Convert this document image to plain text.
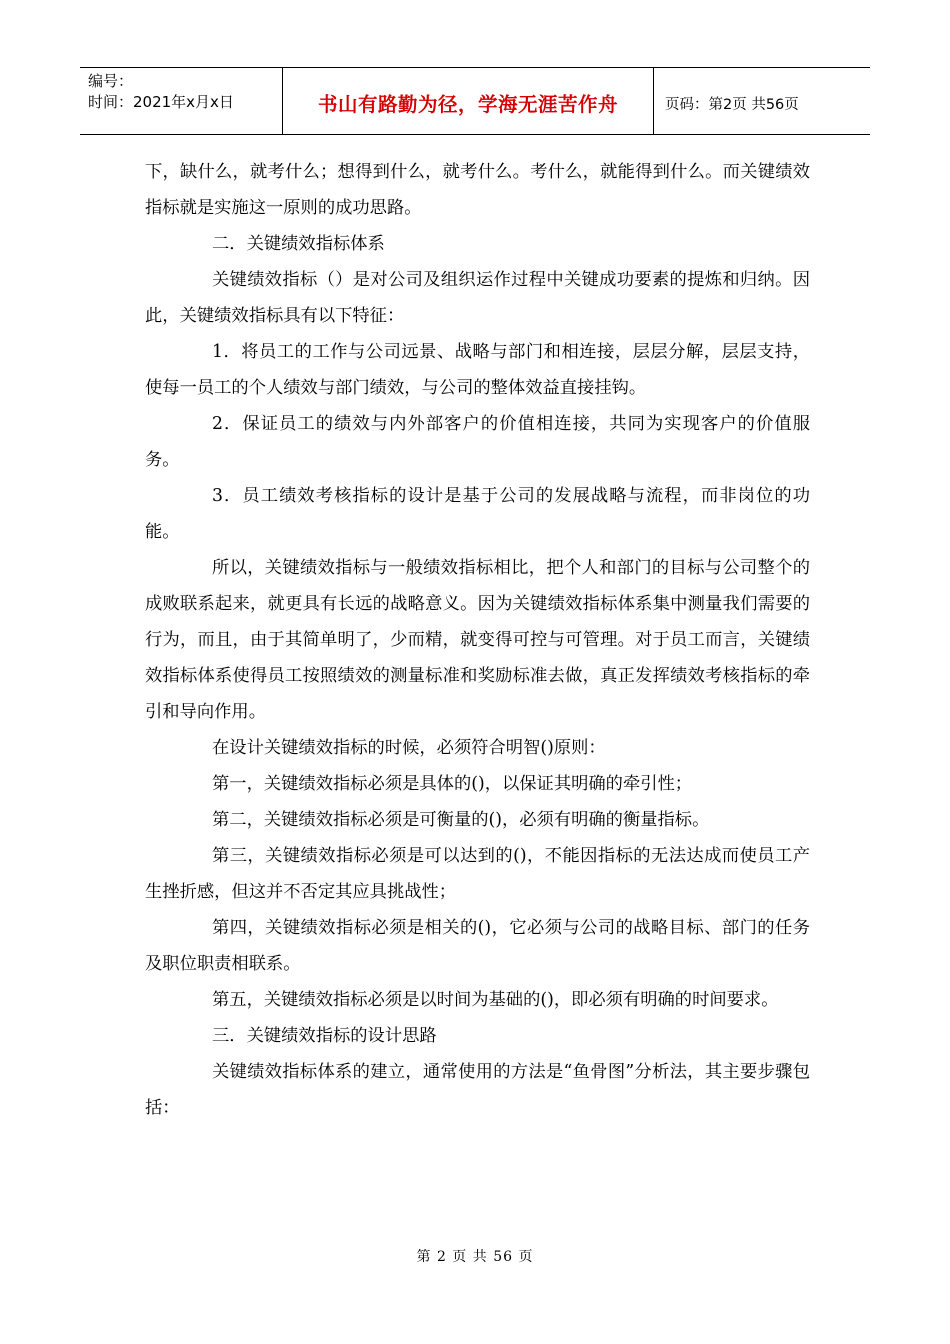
编号：
时间：2021年x月x日	书山有路勤为径，学海无涯苦作舟	页码：第2页 共56页

下，缺什么，就考什么；想得到什么，就考什么。考什么，就能得到什么。而关键绩效指标就是实施这一原则的成功思路。

二．关键绩效指标体系

关键绩效指标（）是对公司及组织运作过程中关键成功要素的提炼和归纳。因此，关键绩效指标具有以下特征：

1．将员工的工作与公司远景、战略与部门和相连接，层层分解，层层支持，使每一员工的个人绩效与部门绩效，与公司的整体效益直接挂钩。

2．保证员工的绩效与内外部客户的价值相连接，共同为实现客户的价值服务。

3．员工绩效考核指标的设计是基于公司的发展战略与流程，而非岗位的功能。

所以，关键绩效指标与一般绩效指标相比，把个人和部门的目标与公司整个的成败联系起来，就更具有长远的战略意义。因为关键绩效指标体系集中测量我们需要的行为，而且，由于其简单明了，少而精，就变得可控与可管理。对于员工而言，关键绩效指标体系使得员工按照绩效的测量标准和奖励标准去做，真正发挥绩效考核指标的牵引和导向作用。

在设计关键绩效指标的时候，必须符合明智()原则：

第一，关键绩效指标必须是具体的()，以保证其明确的牵引性；

第二，关键绩效指标必须是可衡量的()，必须有明确的衡量指标。

第三，关键绩效指标必须是可以达到的()，不能因指标的无法达成而使员工产生挫折感，但这并不否定其应具挑战性；

第四，关键绩效指标必须是相关的()，它必须与公司的战略目标、部门的任务及职位职责相联系。

第五，关键绩效指标必须是以时间为基础的()，即必须有明确的时间要求。

三．关键绩效指标的设计思路

关键绩效指标体系的建立，通常使用的方法是“鱼骨图”分析法，其主要步骤包括：

第 2 页 共 56 页
